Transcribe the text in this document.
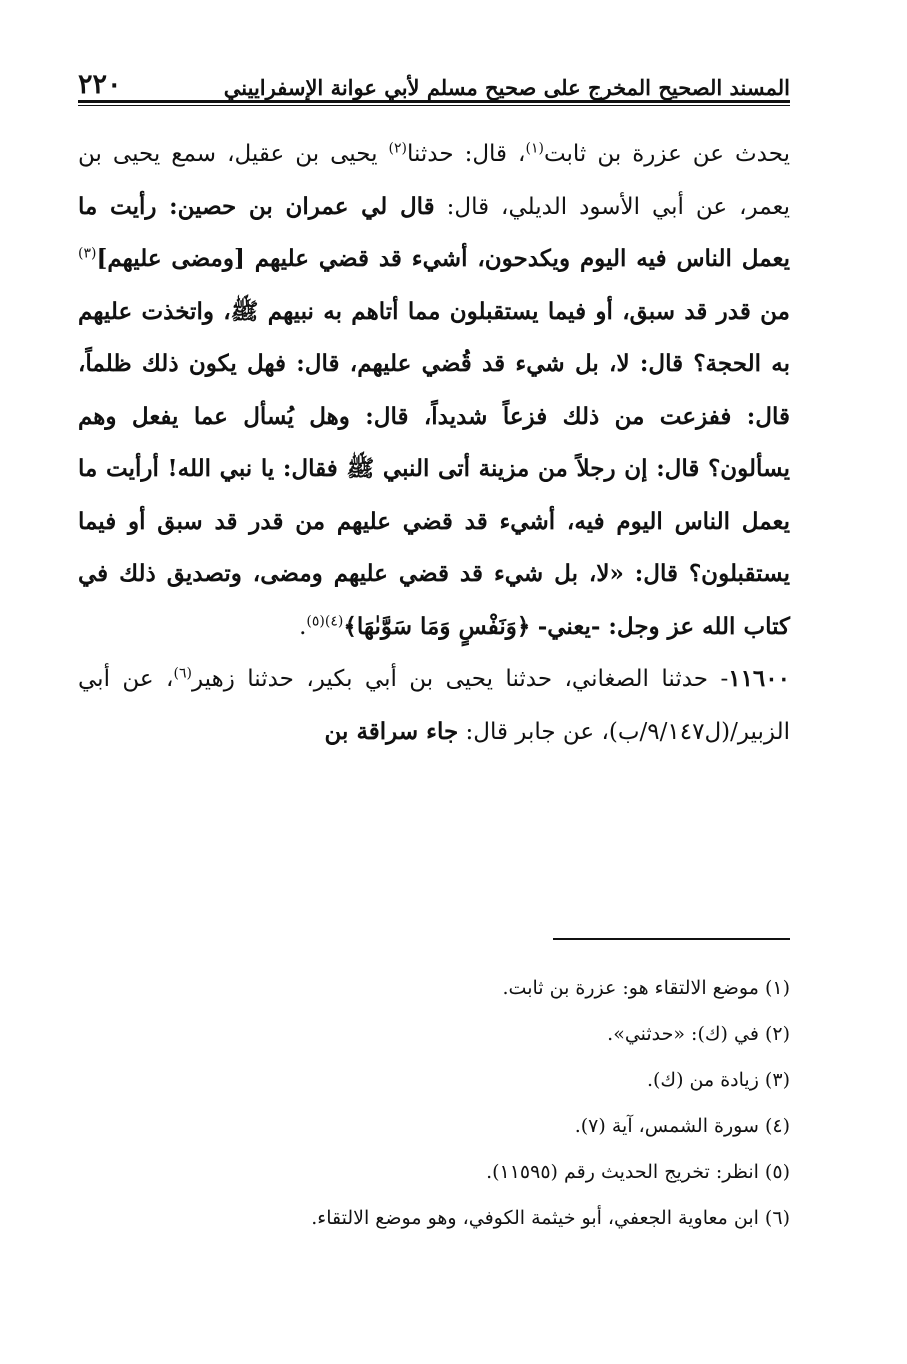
المسند الصحيح المخرج على صحيح مسلم لأبي عوانة الإسفراييني
٢٢٠

يحدث عن عزرة بن ثابت$^{(١)}$، قال: حدثنا$^{(٢)}$ يحيى بن عقيل، سمع يحيى بن يعمر، عن أبي الأسود الديلي، قال: قال لي عمران بن حصين: رأيت ما يعمل الناس فيه اليوم ويكدحون، أشيء قد قضي عليهم [ومضى عليهم]$^{(٣)}$ من قدر قد سبق، أو فيما يستقبلون مما أتاهم به نبيهم ﷺ، واتخذت عليهم به الحجة؟ قال: لا، بل شيء قد قُضي عليهم، قال: فهل يكون ذلك ظلماً، قال: ففزعت من ذلك فزعاً شديداً، قال: وهل يُسأل عما يفعل وهم يسألون؟ قال: إن رجلاً من مزينة أتى النبي ﷺ فقال: يا نبي الله! أرأيت ما يعمل الناس اليوم فيه، أشيء قد قضي عليهم من قدر قد سبق أو فيما يستقبلون؟ قال: «لا، بل شيء قد قضي عليهم ومضى، وتصديق ذلك في كتاب الله عز وجل: -يعني- ﴿وَنَفْسٍ وَمَا سَوَّىٰهَا﴾$^{(٤)(٥)}$.

١١٦٠٠- حدثنا الصغاني، حدثنا يحيى بن أبي بكير، حدثنا زهير$^{(٦)}$، عن أبي الزبير/(ل٩/١٤٧/ب)، عن جابر قال: جاء سراقة بن

(١) موضع الالتقاء هو: عزرة بن ثابت.
(٢) في (ك): «حدثني».
(٣) زيادة من (ك).
(٤) سورة الشمس، آية (٧).
(٥) انظر: تخريج الحديث رقم (١١٥٩٥).
(٦) ابن معاوية الجعفي، أبو خيثمة الكوفي، وهو موضع الالتقاء.
